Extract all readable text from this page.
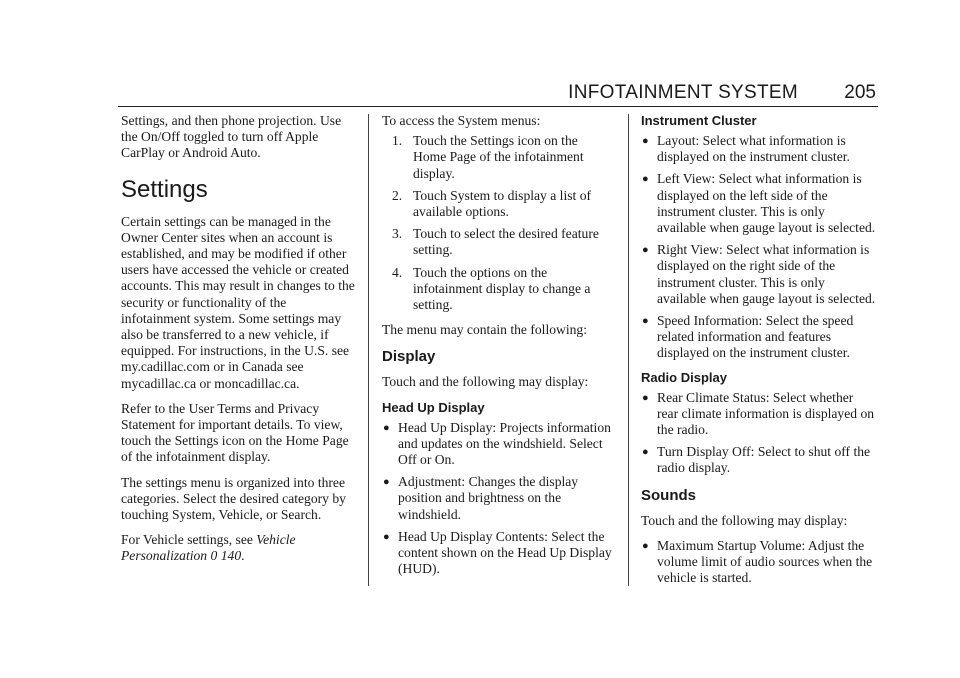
INFOTAINMENT SYSTEM 205

Settings, and then phone projection. Use the On/Off toggled to turn off Apple CarPlay or Android Auto.

Settings

Certain settings can be managed in the Owner Center sites when an account is established, and may be modified if other users have accessed the vehicle or created accounts. This may result in changes to the security or functionality of the infotainment system. Some settings may also be transferred to a new vehicle, if equipped. For instructions, in the U.S. see my.cadillac.com or in Canada see mycadillac.ca or moncadillac.ca.

Refer to the User Terms and Privacy Statement for important details. To view, touch the Settings icon on the Home Page of the infotainment display.

The settings menu is organized into three categories. Select the desired category by touching System, Vehicle, or Search.

For Vehicle settings, see Vehicle Personalization 0 140.

To access the System menus:

1. Touch the Settings icon on the Home Page of the infotainment display.
2. Touch System to display a list of available options.
3. Touch to select the desired feature setting.
4. Touch the options on the infotainment display to change a setting.

The menu may contain the following:

Display

Touch and the following may display:

Head Up Display
● Head Up Display: Projects information and updates on the windshield. Select Off or On.
● Adjustment: Changes the display position and brightness on the windshield.
● Head Up Display Contents: Select the content shown on the Head Up Display (HUD).
Instrument Cluster
● Layout: Select what information is displayed on the instrument cluster.
● Left View: Select what information is displayed on the left side of the instrument cluster. This is only available when gauge layout is selected.
● Right View: Select what information is displayed on the right side of the instrument cluster. This is only available when gauge layout is selected.
● Speed Information: Select the speed related information and features displayed on the instrument cluster.
Radio Display
● Rear Climate Status: Select whether rear climate information is displayed on the radio.
● Turn Display Off: Select to shut off the radio display.
Sounds

Touch and the following may display:

● Maximum Startup Volume: Adjust the volume limit of audio sources when the vehicle is started.
